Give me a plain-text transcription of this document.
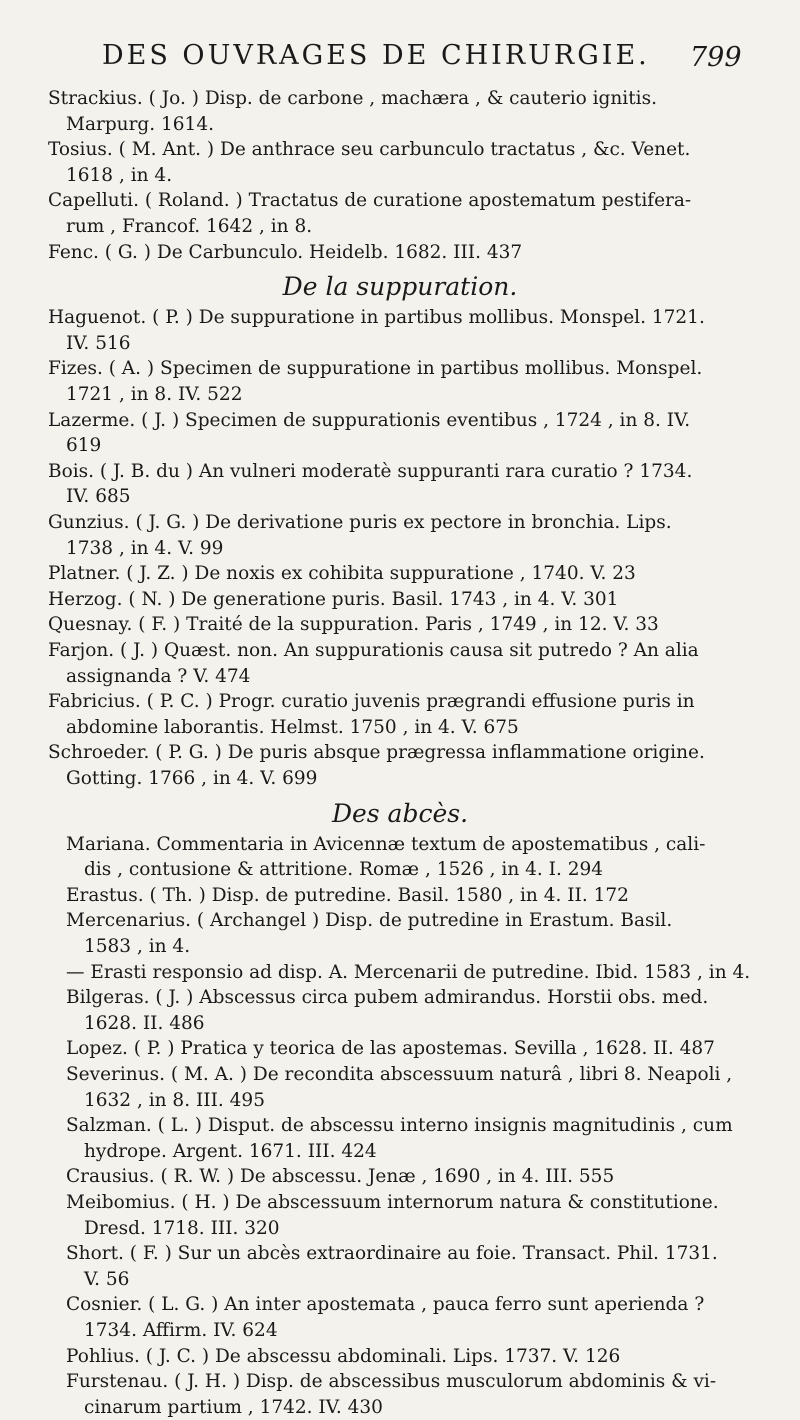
DES OUVRAGES DE CHIRURGIE. 799
Strackius. ( Jo. ) Disp. de carbone , machæra , & cauterio ignitis.
Marpurg. 1614.
Tosius. ( M. Ant. ) De anthrace seu carbunculo tractatus , &c. Venet.
1618 , in 4.
Capelluti. ( Roland. ) Tractatus de curatione apostematum pestifera-
rum , Francof. 1642 , in 8.
Fenc. ( G. ) De Carbunculo. Heidelb. 1682. III. 437
De la suppuration.
Haguenot. ( P. ) De suppuratione in partibus mollibus. Monspel. 1721.
IV. 516
Fizes. ( A. ) Specimen de suppuratione in partibus mollibus. Monspel.
1721 , in 8. IV. 522
Lazerme. ( J. ) Specimen de suppurationis eventibus , 1724 , in 8. IV.
619
Bois. ( J. B. du ) An vulneri moderatè suppuranti rara curatio ? 1734.
IV. 685
Gunzius. ( J. G. ) De derivatione puris ex pectore in bronchia. Lips.
1738 , in 4. V. 99
Platner. ( J. Z. ) De noxis ex cohibita suppuratione , 1740. V. 23
Herzog. ( N. ) De generatione puris. Basil. 1743 , in 4. V. 301
Quesnay. ( F. ) Traité de la suppuration. Paris , 1749 , in 12. V. 33
Farjon. ( J. ) Quæst. non. An suppurationis causa sit putredo ? An alia
assignanda ? V. 474
Fabricius. ( P. C. ) Progr. curatio juvenis prægrandi effusione puris in
abdomine laborantis. Helmst. 1750 , in 4. V. 675
Schroeder. ( P. G. ) De puris absque prægressa inflammatione origine.
Gotting. 1766 , in 4. V. 699
Des abcès.
Mariana. Commentaria in Avicennæ textum de apostematibus , cali-
dis , contusione & attritione. Romæ , 1526 , in 4. I. 294
Erastus. ( Th. ) Disp. de putredine. Basil. 1580 , in 4. II. 172
Mercenarius. ( Archangel ) Disp. de putredine in Erastum. Basil.
1583 , in 4.
— Erasti responsio ad disp. A. Mercenarii de putredine. Ibid. 1583 , in 4.
Bilgeras. ( J. ) Abscessus circa pubem admirandus. Horstii obs. med.
1628. II. 486
Lopez. ( P. ) Pratica y teorica de las apostemas. Sevilla , 1628. II. 487
Severinus. ( M. A. ) De recondita abscessuum naturâ , libri 8. Neapoli ,
1632 , in 8. III. 495
Salzman. ( L. ) Disput. de abscessu interno insignis magnitudinis , cum
hydrope. Argent. 1671. III. 424
Crausius. ( R. W. ) De abscessu. Jenæ , 1690 , in 4. III. 555
Meibomius. ( H. ) De abscessuum internorum natura & constitutione.
Dresd. 1718. III. 320
Short. ( F. ) Sur un abcès extraordinaire au foie. Transact. Phil. 1731.
V. 56
Cosnier. ( L. G. ) An inter apostemata , pauca ferro sunt aperienda ?
1734. Affirm. IV. 624
Pohlius. ( J. C. ) De abscessu abdominali. Lips. 1737. V. 126
Furstenau. ( J. H. ) Disp. de abscessibus musculorum abdominis & vi-
cinarum partium , 1742. IV. 430
